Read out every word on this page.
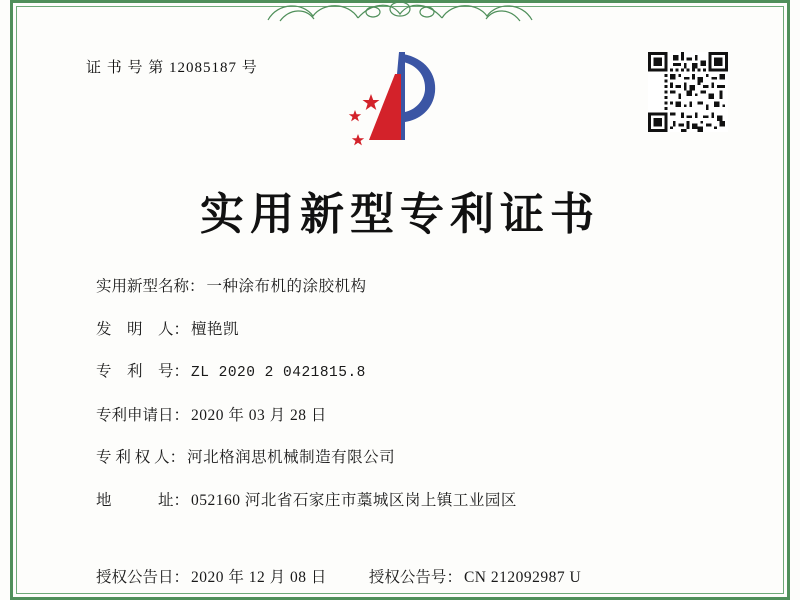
证 书 号 第 12085187 号
实用新型专利证书
实用新型名称 ： 一种涂布机的涂胶机构
发　明　人 ： 檀艳凯
专　利　号 ： ZL 2020 2 0421815.8
专利申请日 ： 2020 年 03 月 28 日
专 利 权 人 ： 河北格润思机械制造有限公司
地　　　址 ： 052160 河北省石家庄市藁城区岗上镇工业园区
授权公告日 ： 2020 年 12 月 08 日	授权公告号 ： CN 212092987 U
